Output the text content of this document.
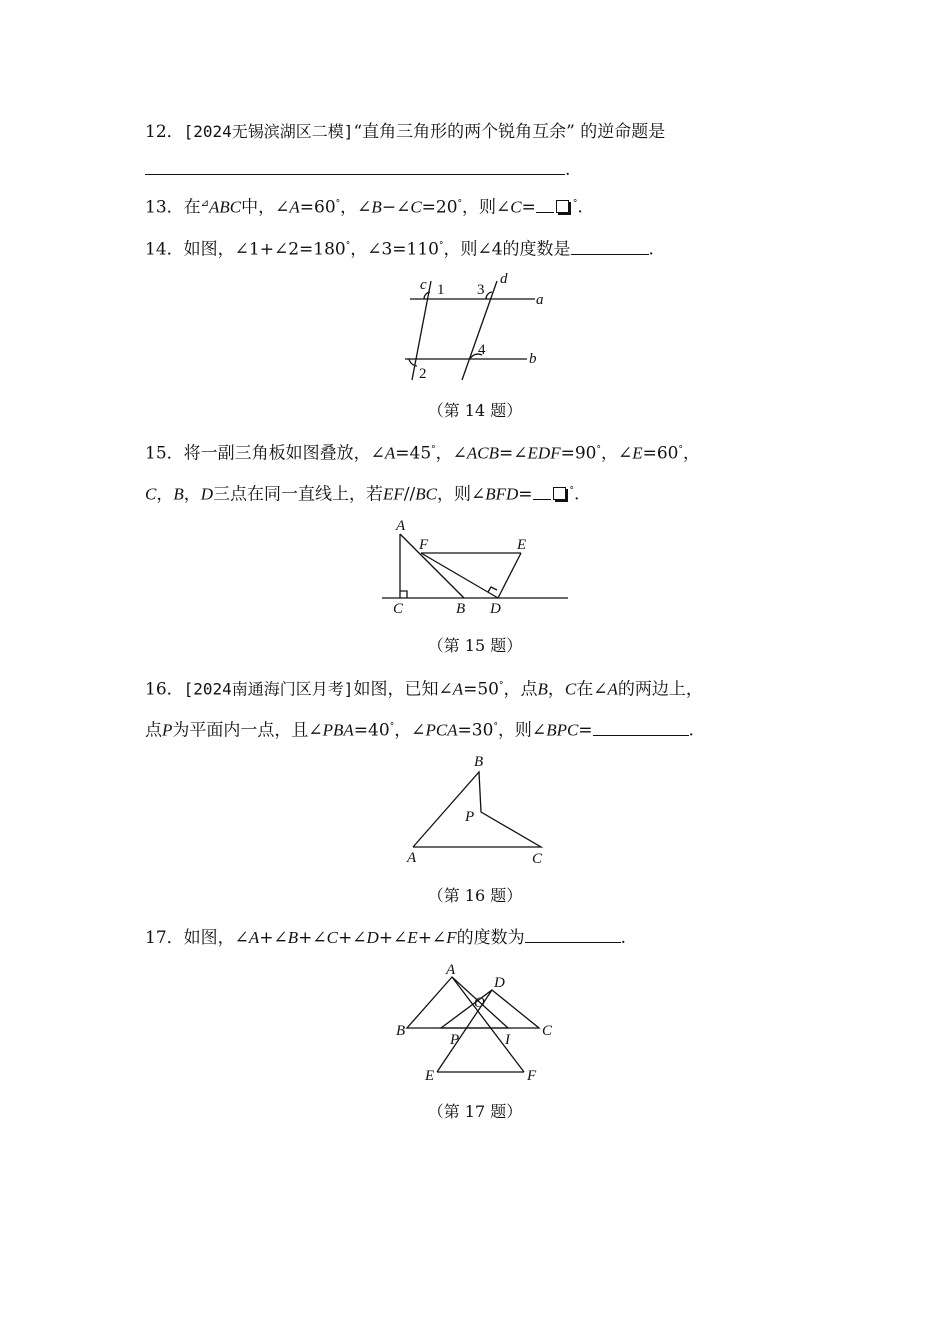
12．[2024无锡滨湖区二模]“直角三角形的两个锐角互余” 的逆命题是
.
13．在⊿ABC中，∠A=60°，∠B−∠C=20°，则∠C=	°.
14．如图，∠1+∠2=180°，∠3=110°，则∠4的度数是	.
c	d
a
b
1
2
3
4
（第 14 题）
15．将一副三角板如图叠放，∠A=45°，∠ACB=∠EDF=90°，∠E=60°，
C，B，D三点在同一直线上，若EF//BC，则∠BFD=	°.
A
F	E
C	B D
（第 15 题）
16．[2024南通海门区月考]如图，已知∠A=50°，点B，C在∠A的两边上，
点P为平面内一点，且∠PBA=40°，∠PCA=30°，则∠BPC=	.
B
P
A	C
（第 16 题）
17．如图，∠A+∠B+∠C+∠D+∠E+∠F的度数为	.
A
D
O
B	C
P	I
E	F
（第 17 题）
